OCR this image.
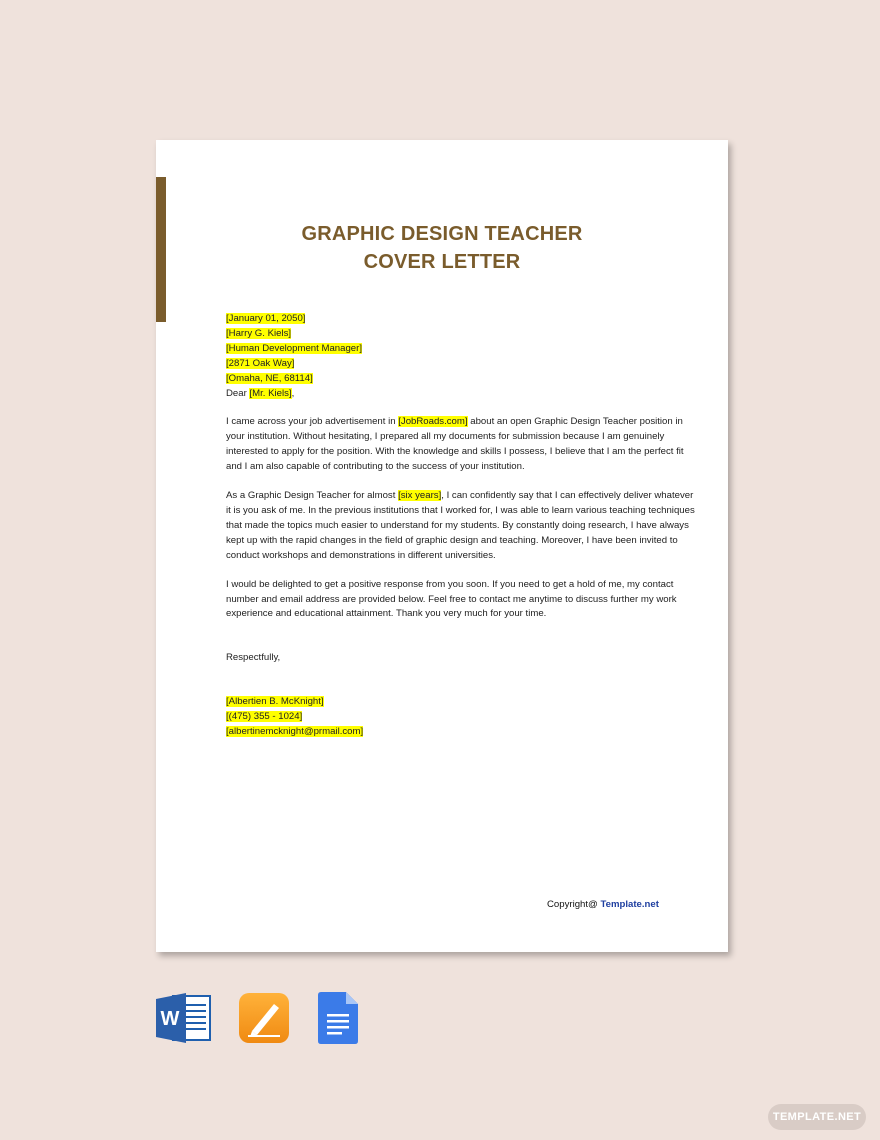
GRAPHIC DESIGN TEACHER
COVER LETTER

[January 01, 2050]

[Harry G. Kiels]
[Human Development Manager]
[2871 Oak Way]
[Omaha, NE, 68114]

Dear [Mr. Kiels],

I came across your job advertisement in [JobRoads.com] about an open Graphic Design Teacher position in your institution. Without hesitating, I prepared all my documents for submission because I am genuinely interested to apply for the position. With the knowledge and skills I possess, I believe that I am the perfect fit and I am also capable of contributing to the success of your institution.

As a Graphic Design Teacher for almost [six years], I can confidently say that I can effectively deliver whatever it is you ask of me. In the previous institutions that I worked for, I was able to learn various teaching techniques that made the topics much easier to understand for my students. By constantly doing research, I have always kept up with the rapid changes in the field of graphic design and teaching. Moreover, I have been invited to conduct workshops and demonstrations in different universities.

I would be delighted to get a positive response from you soon. If you need to get a hold of me, my contact number and email address are provided below. Feel free to contact me anytime to discuss further my work experience and educational attainment. Thank you very much for your time.

Respectfully,

[Albertien B. McKnight]
[(475) 355 - 1024]
[albertinemcknight@prmail.com]

Copyright@ Template.net
W
TEMPLATE.NET
